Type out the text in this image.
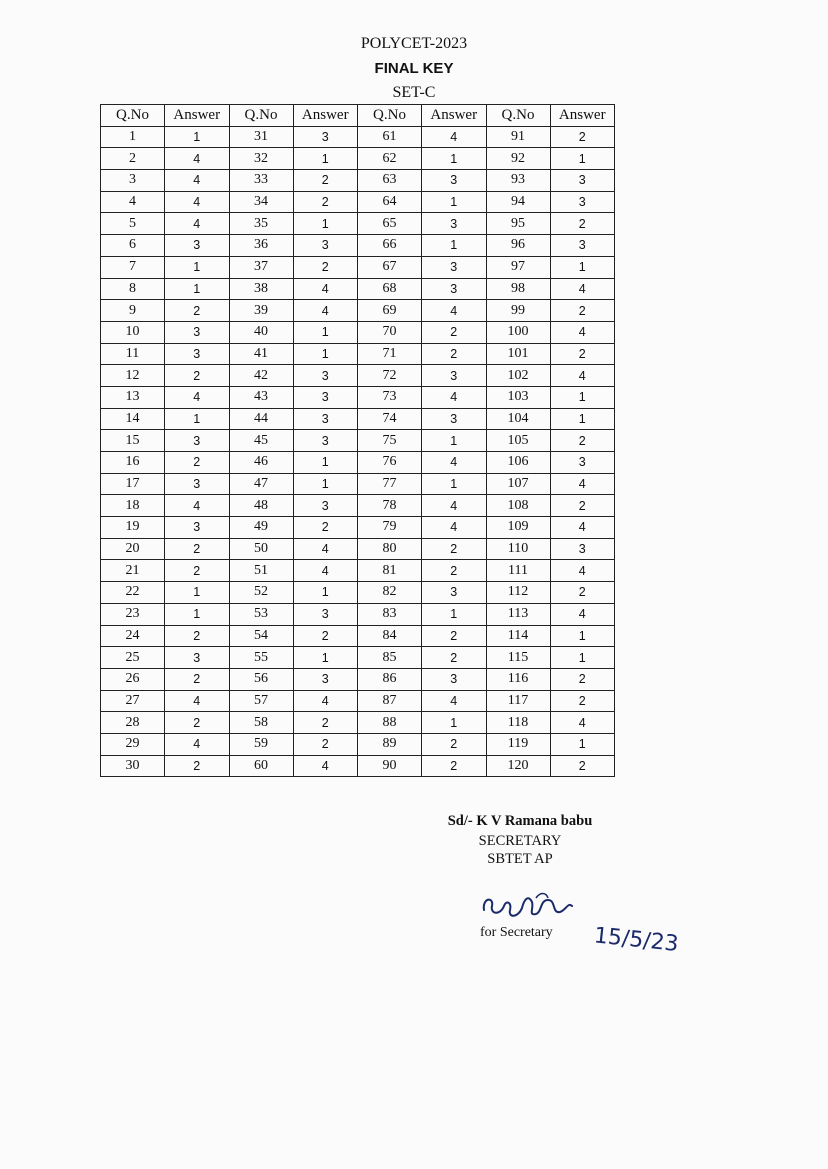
POLYCET-2023
FINAL KEY
SET-C
Q.No	Answer	Q.No	Answer	Q.No	Answer	Q.No	Answer
1	1	31	3	61	4	91	2
2	4	32	1	62	1	92	1
3	4	33	2	63	3	93	3
4	4	34	2	64	1	94	3
5	4	35	1	65	3	95	2
6	3	36	3	66	1	96	3
7	1	37	2	67	3	97	1
8	1	38	4	68	3	98	4
9	2	39	4	69	4	99	2
10	3	40	1	70	2	100	4
11	3	41	1	71	2	101	2
12	2	42	3	72	3	102	4
13	4	43	3	73	4	103	1
14	1	44	3	74	3	104	1
15	3	45	3	75	1	105	2
16	2	46	1	76	4	106	3
17	3	47	1	77	1	107	4
18	4	48	3	78	4	108	2
19	3	49	2	79	4	109	4
20	2	50	4	80	2	110	3
21	2	51	4	81	2	111	4
22	1	52	1	82	3	112	2
23	1	53	3	83	1	113	4
24	2	54	2	84	2	114	1
25	3	55	1	85	2	115	1
26	2	56	3	86	3	116	2
27	4	57	4	87	4	117	2
28	2	58	2	88	1	118	4
29	4	59	2	89	2	119	1
30	2	60	4	90	2	120	2
Sd/- K V Ramana babu
SECRETARY
SBTET AP
for Secretary 15/5/23
